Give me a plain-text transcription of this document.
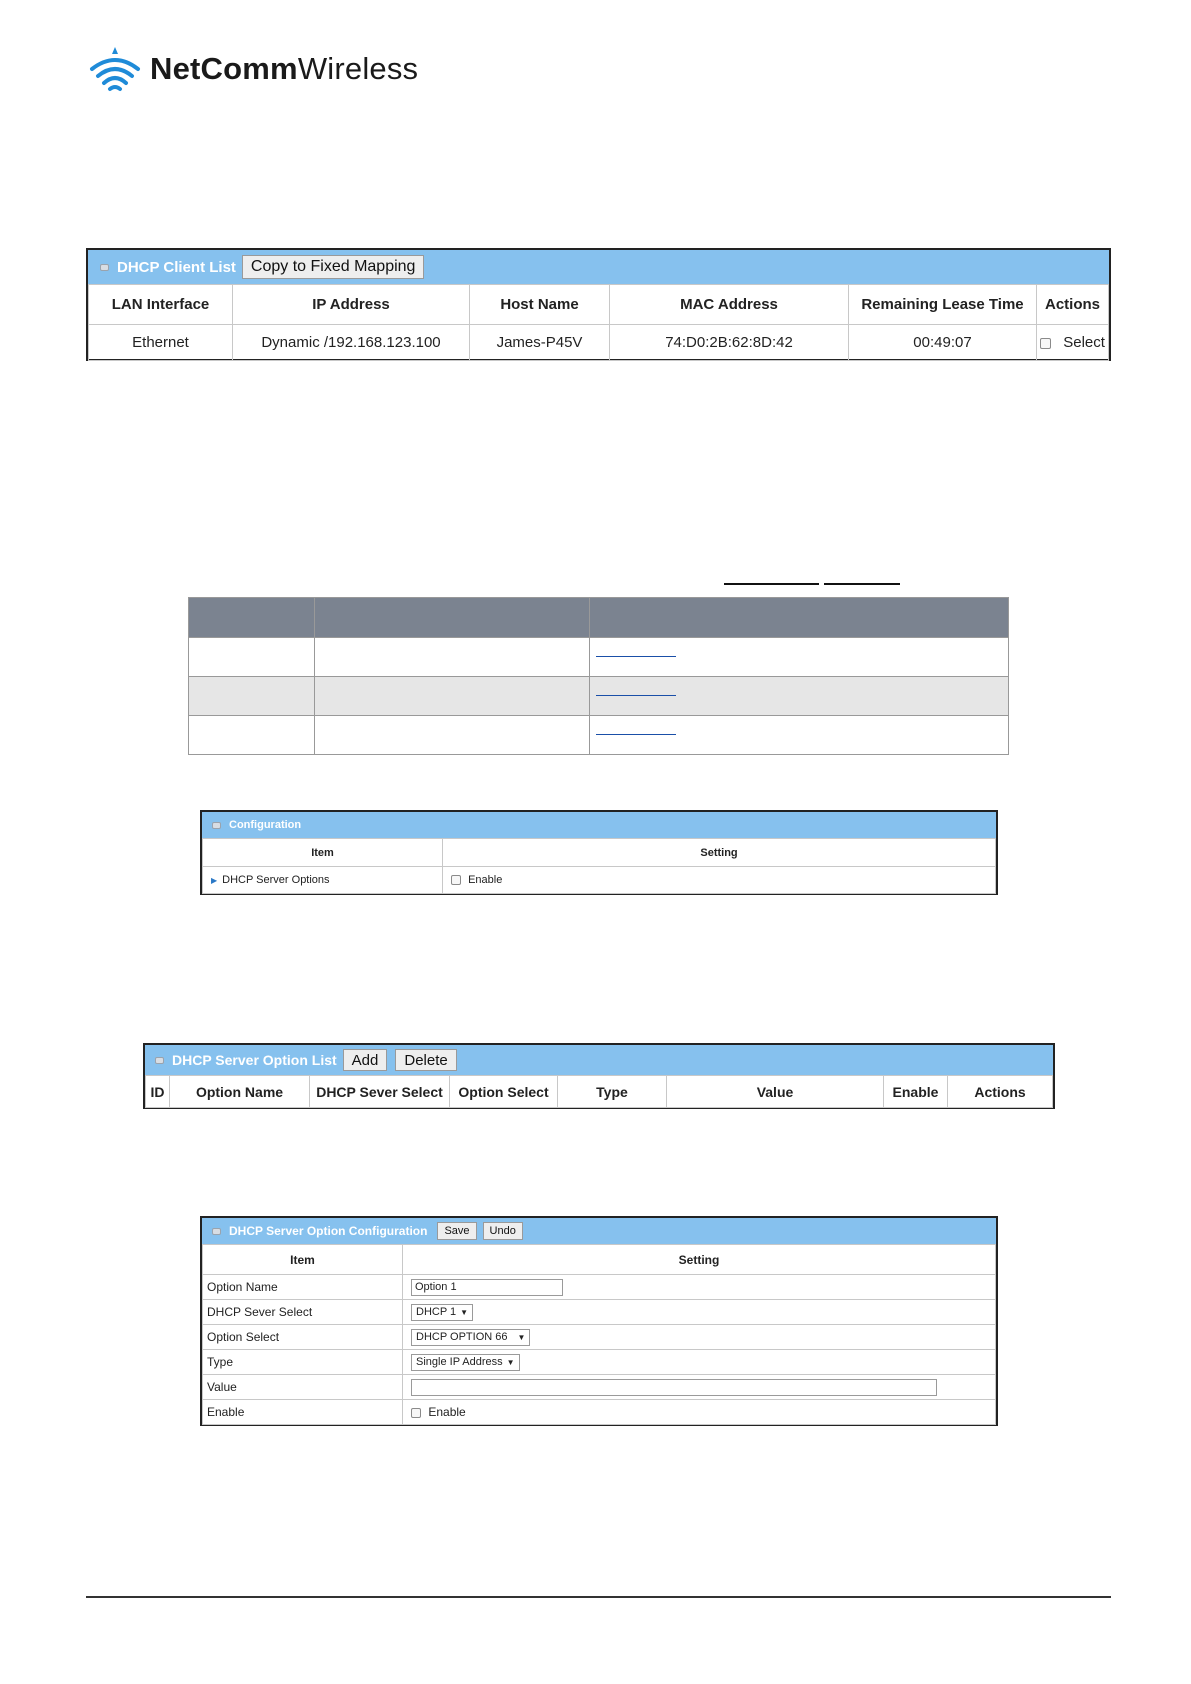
NetCommWireless
DHCP Client List Copy to Fixed Mapping
LAN Interface	IP Address	Host Name	MAC Address	Remaining Lease Time	Actions
Ethernet	Dynamic /192.168.123.100	James-P45V	74:D0:2B:62:8D:42	00:49:07	Select

Configuration
Item	Setting
▶ DHCP Server Options	Enable
DHCP Server Option List	Add	Delete
ID	Option Name	DHCP Sever Select	Option Select	Type	Value	Enable	Actions
DHCP Server Option Configuration	Save	Undo
Item	Setting
Option Name	Option 1
DHCP Sever Select	DHCP 1 ▼
Option Select	DHCP OPTION 66 ▼
Type	Single IP Address ▼
Value	
Enable	Enable
